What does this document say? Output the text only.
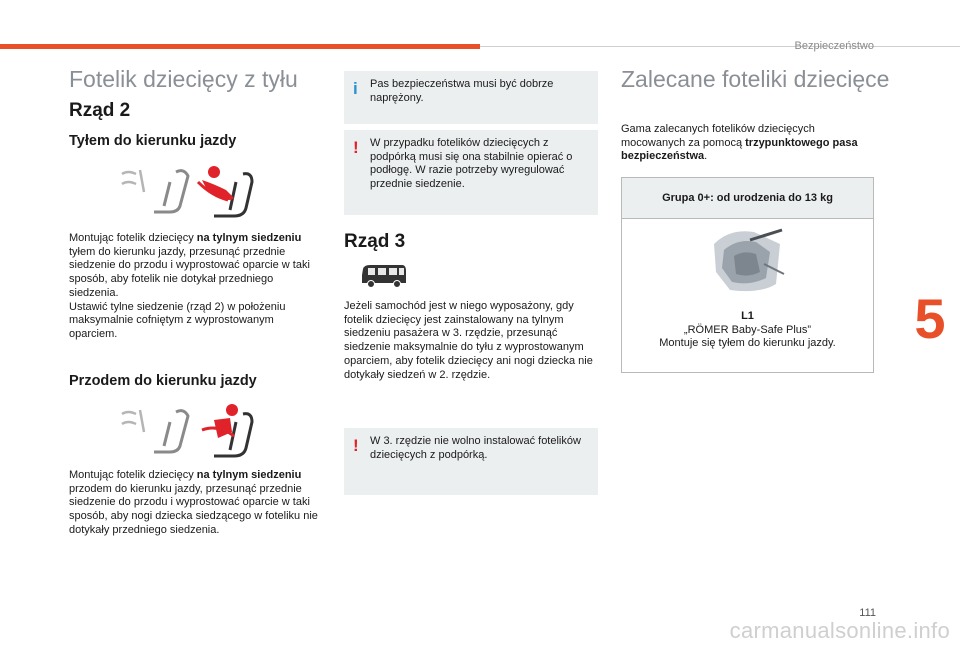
Bezpieczeństwo
5
Fotelik dziecięcy z tyłu
Rząd 2
Tyłem do kierunku jazdy

Montując fotelik dziecięcy na tylnym siedzeniu tyłem do kierunku jazdy, przesunąć przednie siedzenie do przodu i wyprostować oparcie w taki sposób, aby fotelik nie dotykał przedniego siedzenia.
Ustawić tylne siedzenie (rząd 2) w położeniu maksymalnie cofniętym z wyprostowanym oparciem.

Przodem do kierunku jazdy

Montując fotelik dziecięcy na tylnym siedzeniu przodem do kierunku jazdy, przesunąć przednie siedzenie do przodu i wyprostować oparcie w taki sposób, aby nogi dziecka siedzącego w foteliku nie dotykały przedniego siedzenia.

i Pas bezpieczeństwa musi być dobrze naprężony.
! W przypadku fotelików dziecięcych z podpórką musi się ona stabilnie opierać o podłogę. W razie potrzeby wyregulować przednie siedzenie.
Rząd 3

Jeżeli samochód jest w niego wyposażony, gdy fotelik dziecięcy jest zainstalowany na tylnym siedzeniu pasażera w 3. rzędzie, przesunąć siedzenie maksymalnie do tyłu z wyprostowanym oparciem, aby fotelik dziecięcy ani nogi dziecka nie dotykały siedzeń w 2. rzędzie.

! W 3. rzędzie nie wolno instalować fotelików dziecięcych z podpórką.
Zalecane foteliki dziecięce

Gama zalecanych fotelików dziecięcych mocowanych za pomocą trzypunktowego pasa bezpieczeństwa.

Grupa 0+: od urodzenia do 13 kg
L1
„RÖMER Baby-Safe Plus”
Montuje się tyłem do kierunku jazdy.
111
carmanualsonline.info
